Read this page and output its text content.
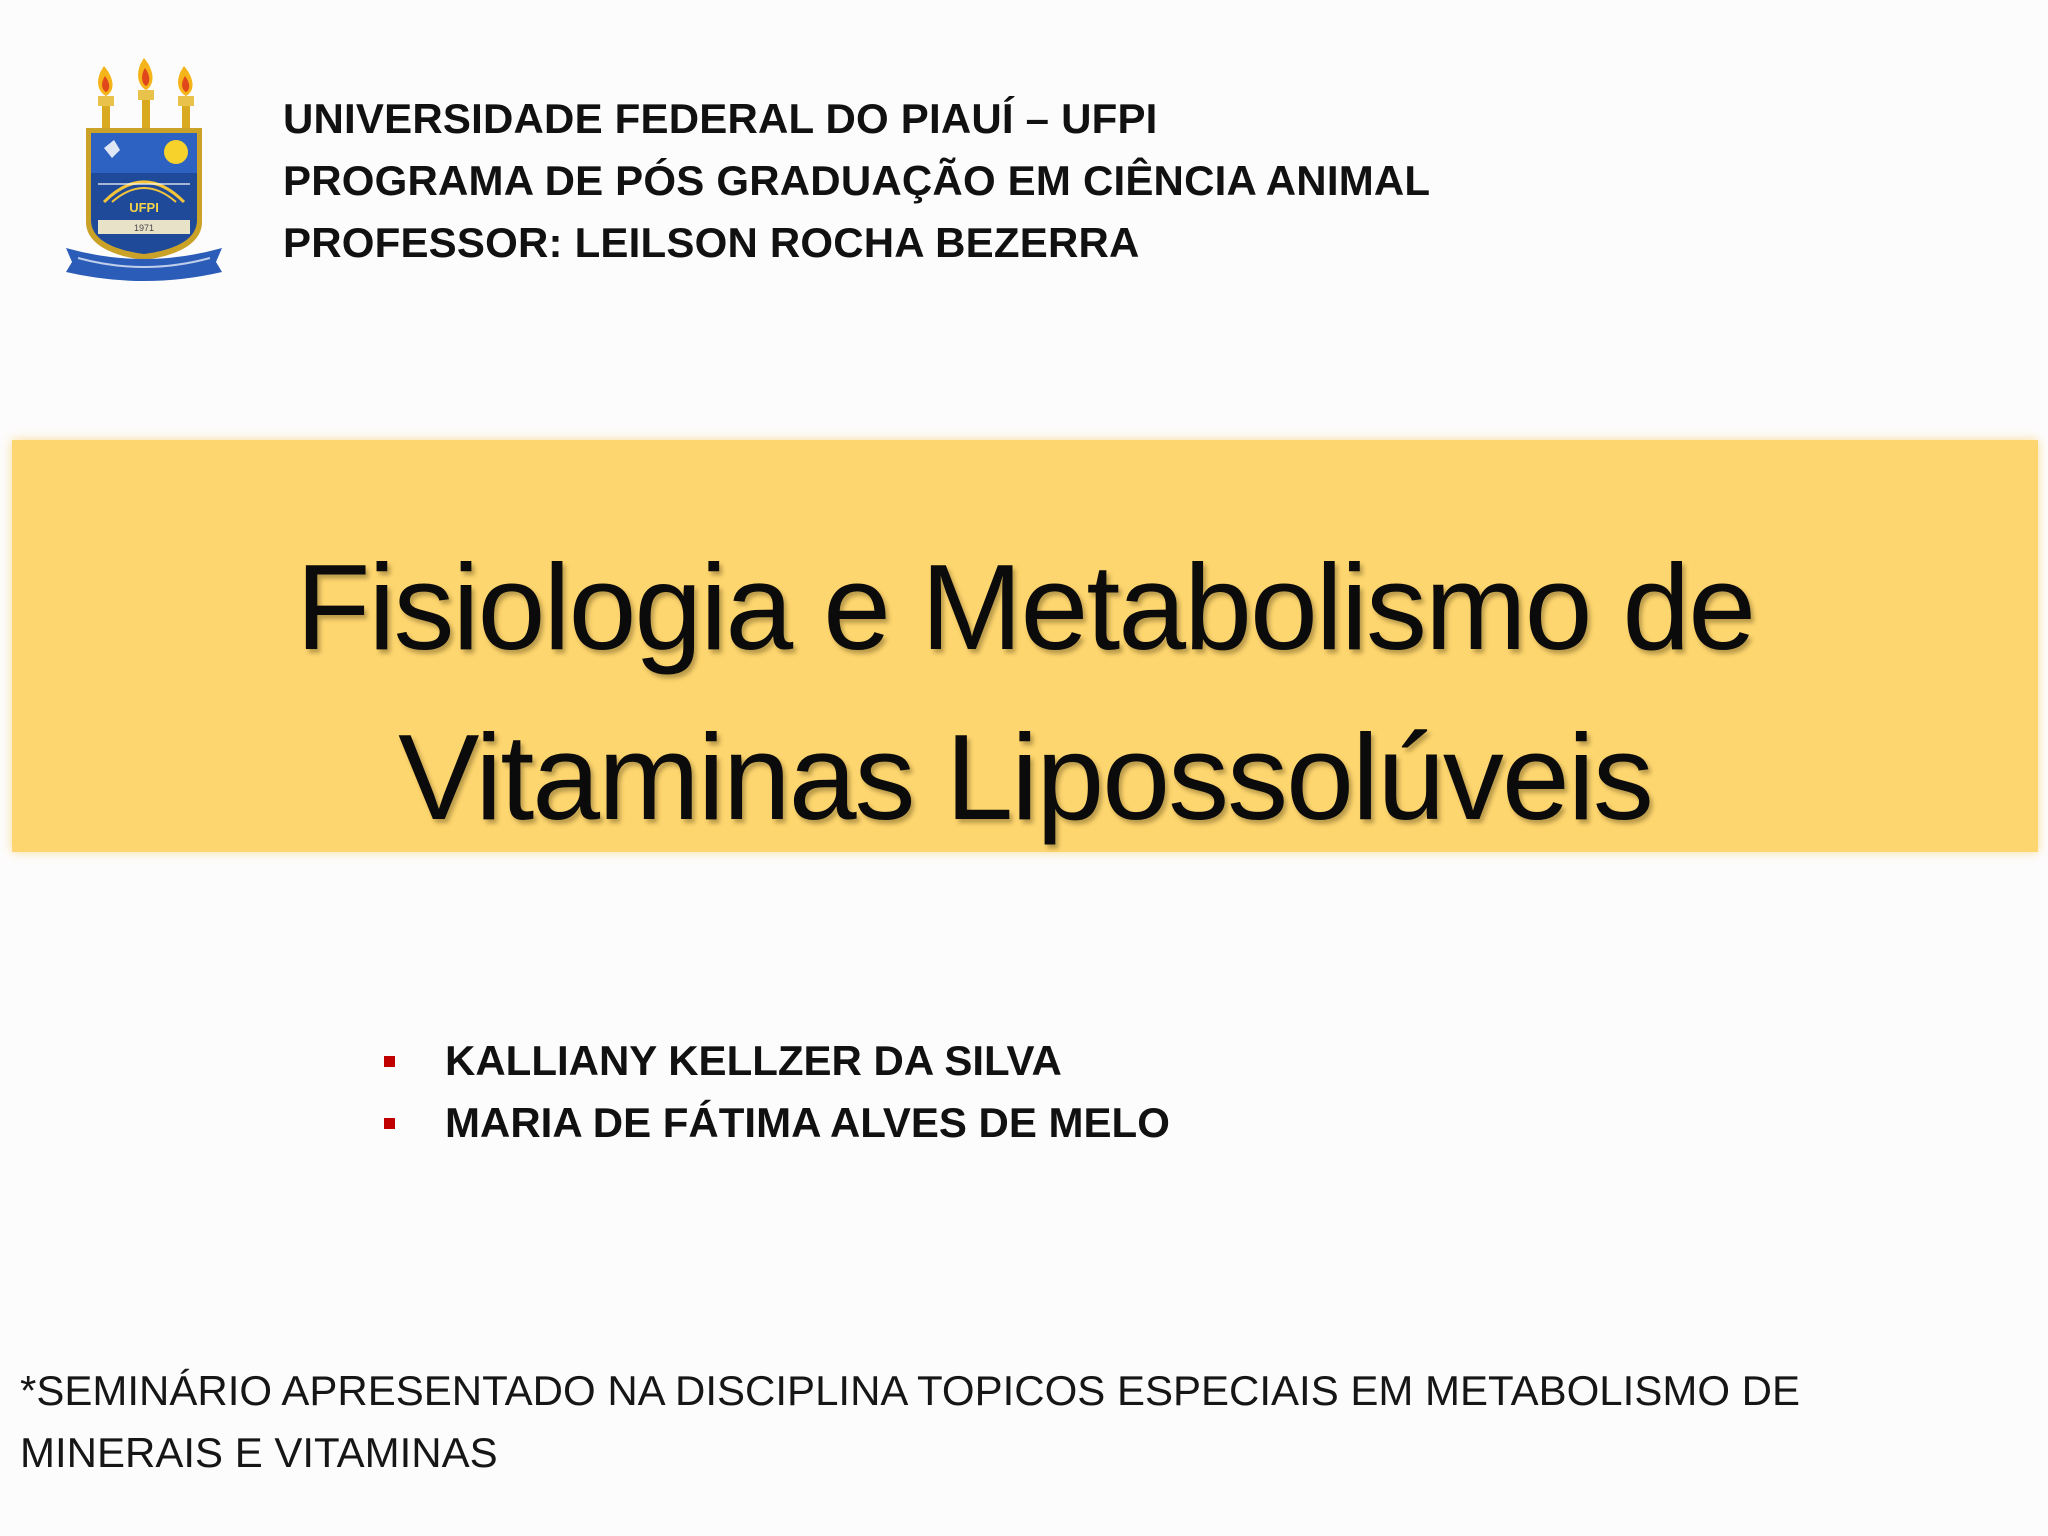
UFPI
1971
UNIVERSIDADE FEDERAL DO PIAUÍ – UFPI
PROGRAMA DE PÓS GRADUAÇÃO EM CIÊNCIA ANIMAL
PROFESSOR: LEILSON ROCHA BEZERRA
Fisiologia e Metabolismo de
Vitaminas Lipossolúveis
KALLIANY KELLZER DA SILVA
MARIA DE FÁTIMA ALVES DE MELO
*SEMINÁRIO APRESENTADO NA DISCIPLINA TOPICOS ESPECIAIS EM METABOLISMO DE MINERAIS E VITAMINAS
